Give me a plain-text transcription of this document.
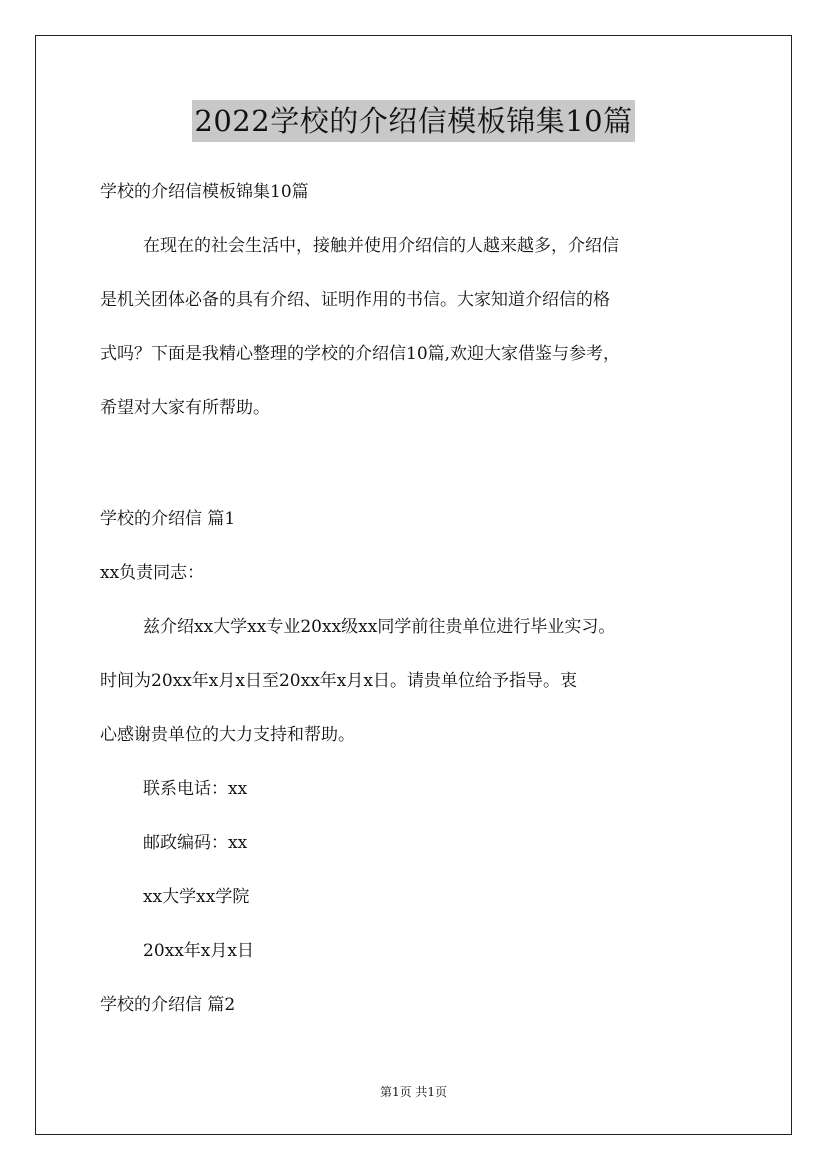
2022学校的介绍信模板锦集10篇
学校的介绍信模板锦集10篇
在现在的社会生活中，接触并使用介绍信的人越来越多，介绍信
是机关团体必备的具有介绍、证明作用的书信。大家知道介绍信的格
式吗？下面是我精心整理的学校的介绍信10篇,欢迎大家借鉴与参考，
希望对大家有所帮助。
学校的介绍信 篇1
xx负责同志：
兹介绍xx大学xx专业20xx级xx同学前往贵单位进行毕业实习。
时间为20xx年x月x日至20xx年x月x日。请贵单位给予指导。衷
心感谢贵单位的大力支持和帮助。
联系电话：xx
邮政编码：xx
xx大学xx学院
20xx年x月x日
学校的介绍信 篇2
第1页 共1页
